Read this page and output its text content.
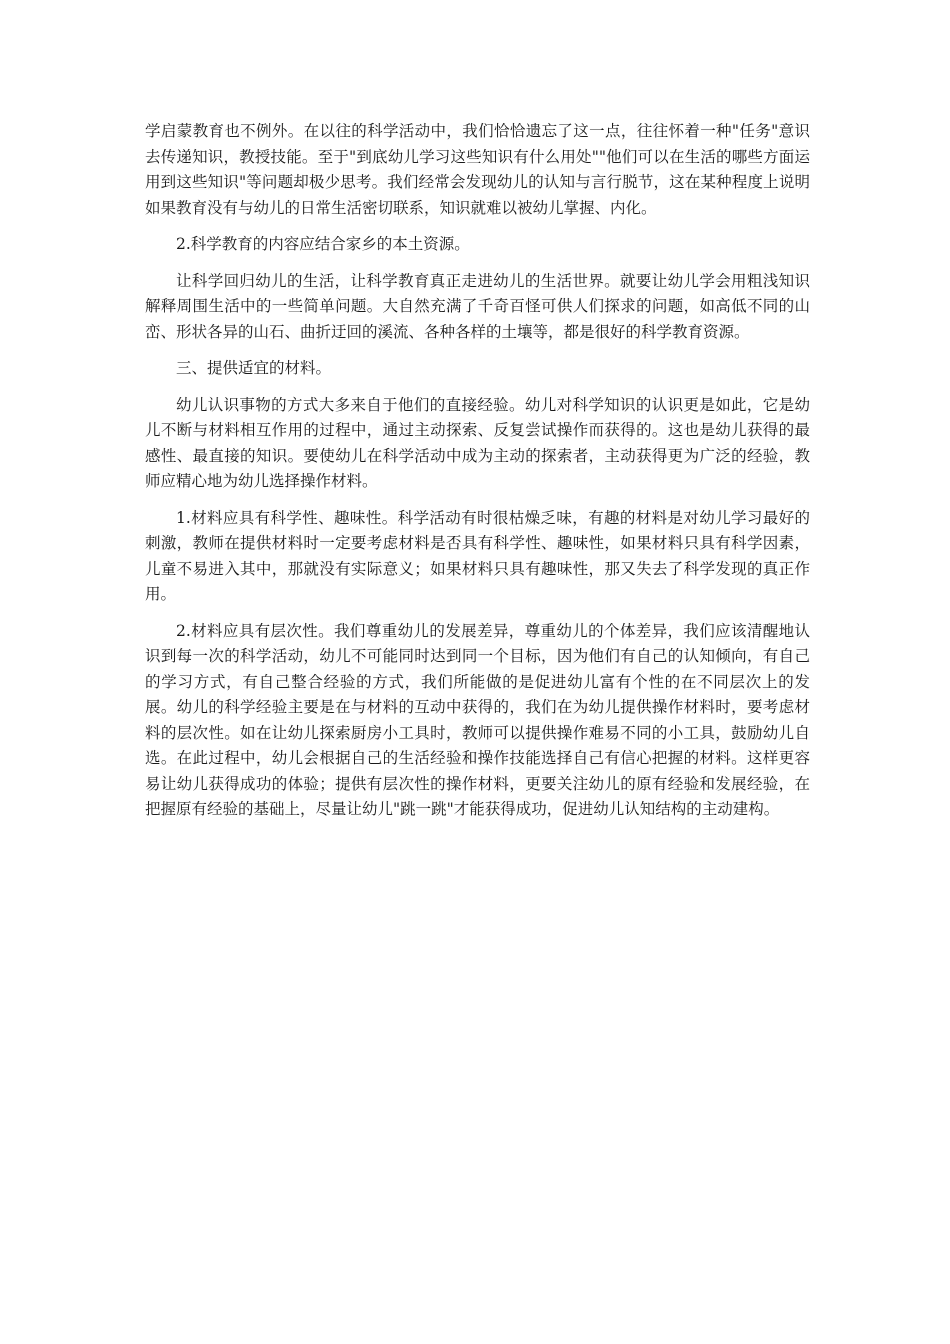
学启蒙教育也不例外。在以往的科学活动中，我们恰恰遗忘了这一点，往往怀着一种"任务"意识去传递知识，教授技能。至于"到底幼儿学习这些知识有什么用处""他们可以在生活的哪些方面运用到这些知识"等问题却极少思考。我们经常会发现幼儿的认知与言行脱节，这在某种程度上说明如果教育没有与幼儿的日常生活密切联系，知识就难以被幼儿掌握、内化。

2.科学教育的内容应结合家乡的本土资源。

让科学回归幼儿的生活，让科学教育真正走进幼儿的生活世界。就要让幼儿学会用粗浅知识解释周围生活中的一些简单问题。大自然充满了千奇百怪可供人们探求的问题，如高低不同的山峦、形状各异的山石、曲折迂回的溪流、各种各样的土壤等，都是很好的科学教育资源。

三、提供适宜的材料。

幼儿认识事物的方式大多来自于他们的直接经验。幼儿对科学知识的认识更是如此，它是幼儿不断与材料相互作用的过程中，通过主动探索、反复尝试操作而获得的。这也是幼儿获得的最感性、最直接的知识。要使幼儿在科学活动中成为主动的探索者，主动获得更为广泛的经验，教师应精心地为幼儿选择操作材料。

1.材料应具有科学性、趣味性。科学活动有时很枯燥乏味，有趣的材料是对幼儿学习最好的刺激，教师在提供材料时一定要考虑材料是否具有科学性、趣味性，如果材料只具有科学因素，儿童不易进入其中，那就没有实际意义；如果材料只具有趣味性，那又失去了科学发现的真正作用。

2.材料应具有层次性。我们尊重幼儿的发展差异，尊重幼儿的个体差异，我们应该清醒地认识到每一次的科学活动，幼儿不可能同时达到同一个目标，因为他们有自己的认知倾向，有自己的学习方式，有自己整合经验的方式，我们所能做的是促进幼儿富有个性的在不同层次上的发展。幼儿的科学经验主要是在与材料的互动中获得的，我们在为幼儿提供操作材料时，要考虑材料的层次性。如在让幼儿探索厨房小工具时，教师可以提供操作难易不同的小工具，鼓励幼儿自选。在此过程中，幼儿会根据自己的生活经验和操作技能选择自己有信心把握的材料。这样更容易让幼儿获得成功的体验；提供有层次性的操作材料，更要关注幼儿的原有经验和发展经验，在把握原有经验的基础上，尽量让幼儿"跳一跳"才能获得成功，促进幼儿认知结构的主动建构。
